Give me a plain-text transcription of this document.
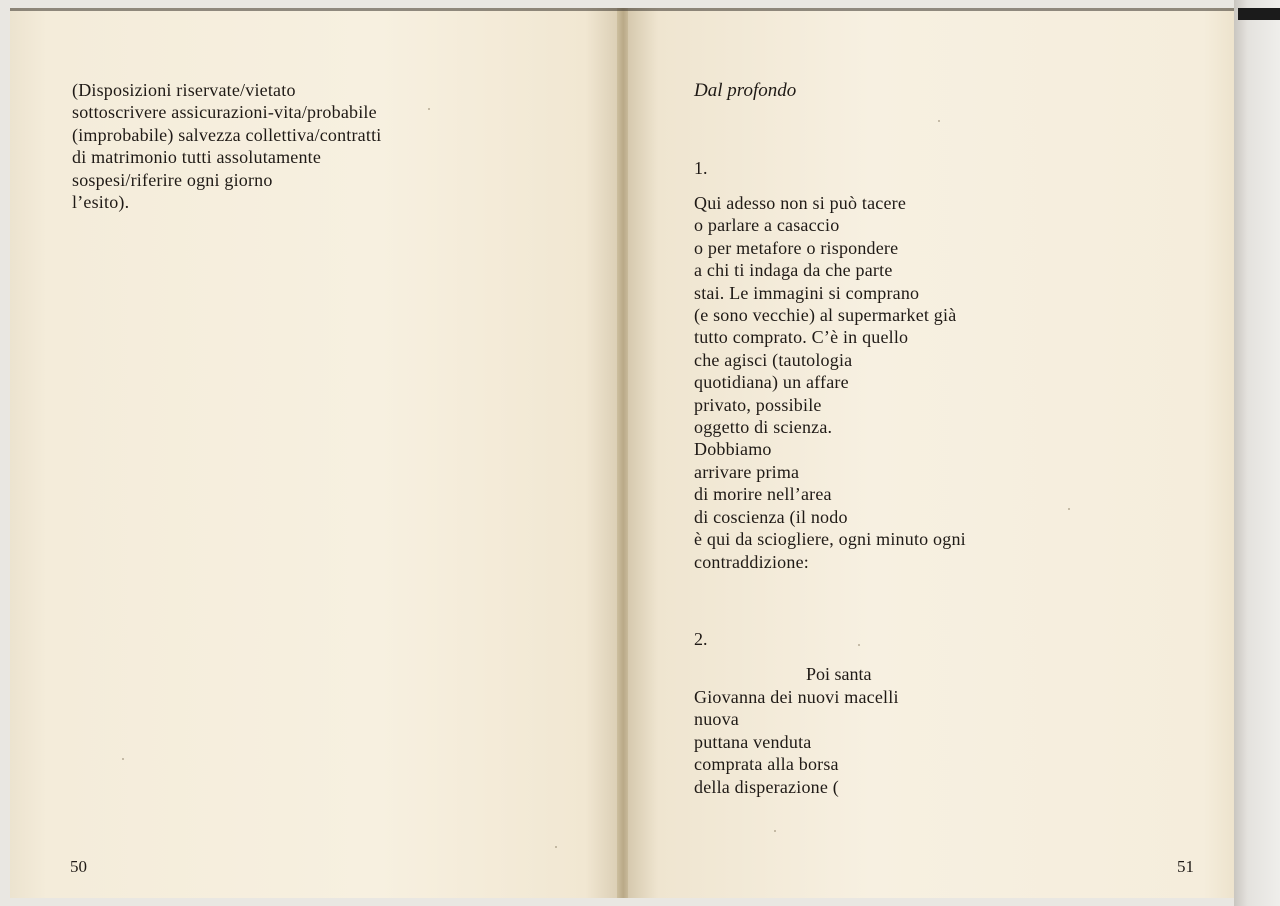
(Disposizioni riservate/vietato
sottoscrivere assicurazioni-vita/probabile
(improbabile) salvezza collettiva/contratti
di matrimonio tutti assolutamente
sospesi/riferire ogni giorno
l’esito).
50
Dal profondo
1.
Qui adesso non si può tacere
o parlare a casaccio
o per metafore o rispondere
a chi ti indaga da che parte
stai. Le immagini si comprano
(e sono vecchie) al supermarket già
tutto comprato. C’è in quello
che agisci (tautologia
quotidiana) un affare
privato, possibile
oggetto di scienza.
Dobbiamo
arrivare prima
di morire nell’area
di coscienza (il nodo
è qui da sciogliere, ogni minuto ogni
contraddizione:
2.
Poi santa
Giovanna dei nuovi macelli
nuova
puttana venduta
comprata alla borsa
della disperazione (
51
